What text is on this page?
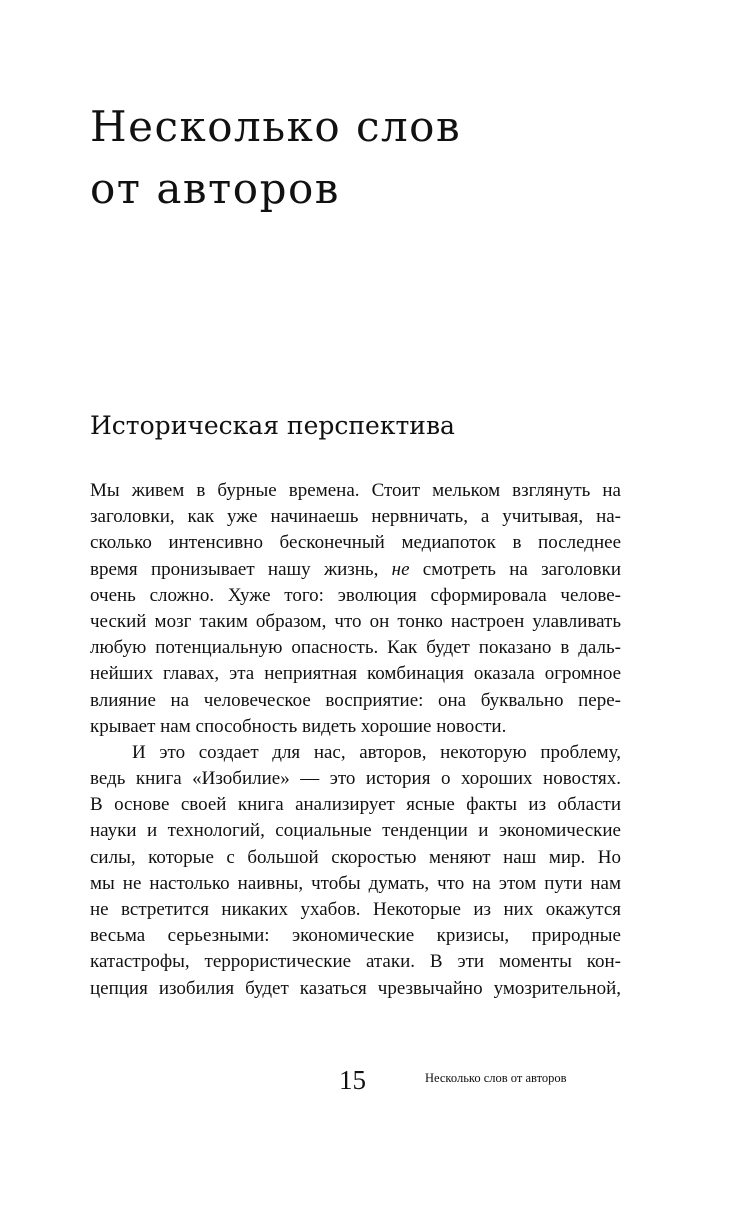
Несколько слов
от авторов
Историческая перспектива
Мы живем в бурные времена. Стоит мельком взглянуть на
заголовки, как уже начинаешь нервничать, а учитывая, на-
сколько интенсивно бесконечный медиапоток в последнее
время пронизывает нашу жизнь, не смотреть на заголовки
очень сложно. Хуже того: эволюция сформировала челове-
ческий мозг таким образом, что он тонко настроен улавливать
любую потенциальную опасность. Как будет показано в даль-
нейших главах, эта неприятная комбинация оказала огромное
влияние на человеческое восприятие: она буквально пере-
крывает нам способность видеть хорошие новости.
И это создает для нас, авторов, некоторую проблему,
ведь книга «Изобилие» — это история о хороших новостях.
В основе своей книга анализирует ясные факты из области
науки и технологий, социальные тенденции и экономические
силы, которые с большой скоростью меняют наш мир. Но
мы не настолько наивны, чтобы думать, что на этом пути нам
не встретится никаких ухабов. Некоторые из них окажутся
весьма серьезными: экономические кризисы, природные
катастрофы, террористические атаки. В эти моменты кон-
цепция изобилия будет казаться чрезвычайно умозрительной,
15	Несколько слов от авторов
